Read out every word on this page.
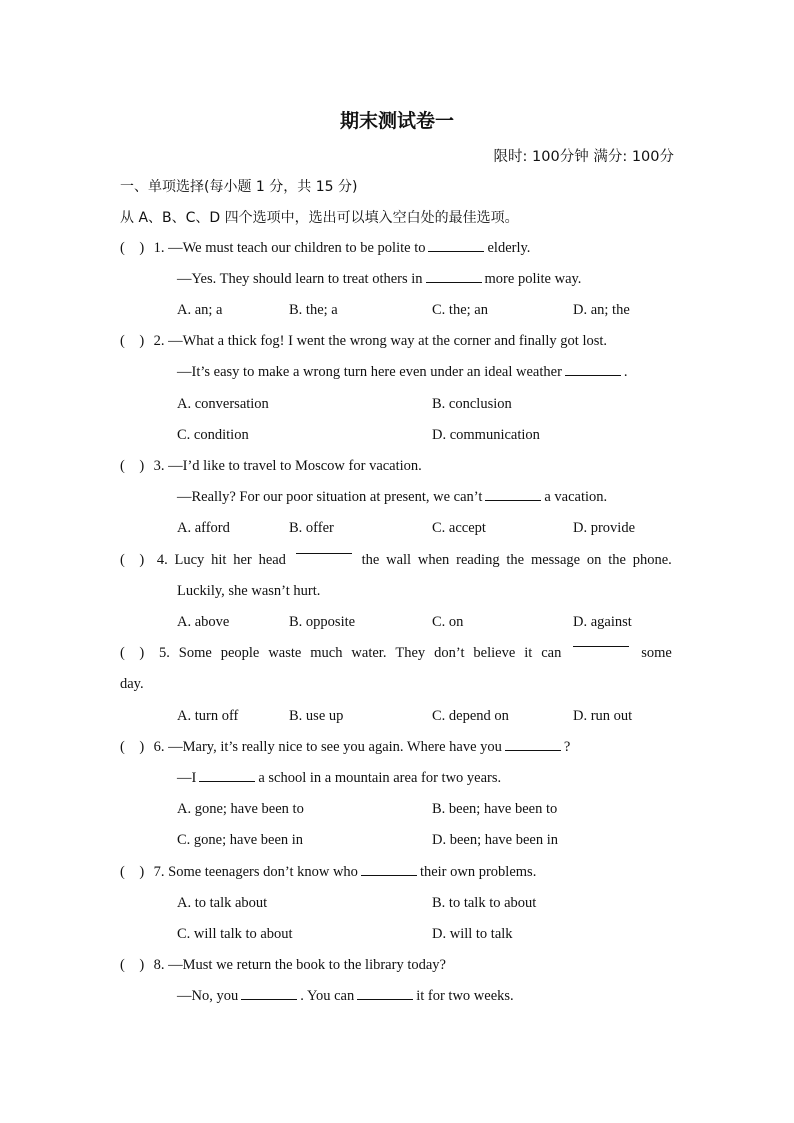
期末测试卷一
限时: 100分钟 满分: 100分
一、单项选择(每小题 1 分，共 15 分)
从 A、B、C、D 四个选项中，选出可以填入空白处的最佳选项。
(    ) 1. —We must teach our children to be polite to	elderly.
—Yes. They should learn to treat others in	more polite way.
A. an; a	B. the; a	C. the; an	D. an; the
(    ) 2. —What a thick fog! I went the wrong way at the corner and finally got lost.
—It’s easy to make a wrong turn here even under an ideal weather	.
A. conversation	B. conclusion
C. condition	D. communication
(    ) 3. —I’d like to travel to Moscow for vacation.
—Really? For our poor situation at present, we can’t	a vacation.
A. afford	B. offer	C. accept	D. provide
(    ) 4. Lucy hit her head	the wall when reading the message on the phone.
Luckily, she wasn’t hurt.
A. above	B. opposite	C. on	D. against
(    )	5. Some people waste much water. They don’t believe it can	some
day.
A. turn off	B. use up	C. depend on	D. run out
(    ) 6. —Mary, it’s really nice to see you again. Where have you	?
—I	a school in a mountain area for two years.
A. gone; have been to	B. been; have been to
C. gone; have been in	D. been; have been in
(    ) 7. Some teenagers don’t know who	their own problems.
A. to talk about	B. to talk to about
C. will talk to about	D. will to talk
(    ) 8. —Must we return the book to the library today?
—No, you	. You can	it for two weeks.
